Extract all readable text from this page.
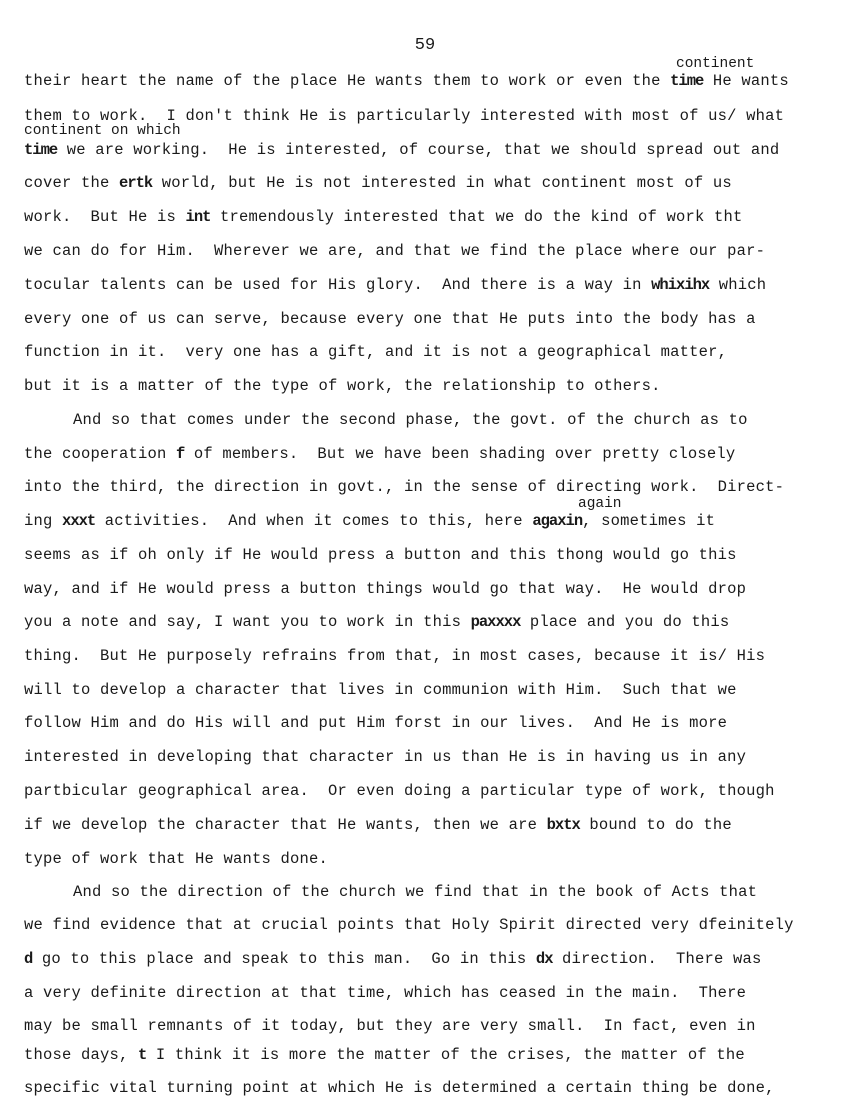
59
continent
continent on which
again
their heart the name of the place He wants them to work or even the time He wants
them to work.  I don't think He is particularly interested with most of us/ what
time we are working.  He is interested, of course, that we should spread out and
cover the ertk world, but He is not interested in what continent most of us
work.  But He is int tremendously interested that we do the kind of work tht
we can do for Him.  Wherever we are, and that we find the place where our par-
tocular talents can be used for His glory.  And there is a way in whixihx which
every one of us can serve, because every one that He puts into the body has a
function in it.  very one has a gift, and it is not a geographical matter,
but it is a matter of the type of work, the relationship to others.
And so that comes under the second phase, the govt. of the church as to
the cooperation f of members.  But we have been shading over pretty closely
into the third, the direction in govt., in the sense of directing work.  Direct-
ing xxxt activities.  And when it comes to this, here agaxin, sometimes it
seems as if oh only if He would press a button and this thong would go this
way, and if He would press a button things would go that way.  He would drop
you a note and say, I want you to work in this paxxxx place and you do this
thing.  But He purposely refrains from that, in most cases, because it is/ His
will to develop a character that lives in communion with Him.  Such that we
follow Him and do His will and put Him forst in our lives.  And He is more
interested in developing that character in us than He is in having us in any
partbicular geographical area.  Or even doing a particular type of work, though
if we develop the character that He wants, then we are bxtx bound to do the
type of work that He wants done.
And so the direction of the church we find that in the book of Acts that
we find evidence that at crucial points that Holy Spirit directed very dfeinitely
d go to this place and speak to this man.  Go in this dx direction.  There was
a very definite direction at that time, which has ceased in the main.  There
may be small remnants of it today, but they are very small.  In fact, even in
those days, t I think it is more the matter of the crises, the matter of the
specific vital turning point at which He is determined a certain thing be done,
